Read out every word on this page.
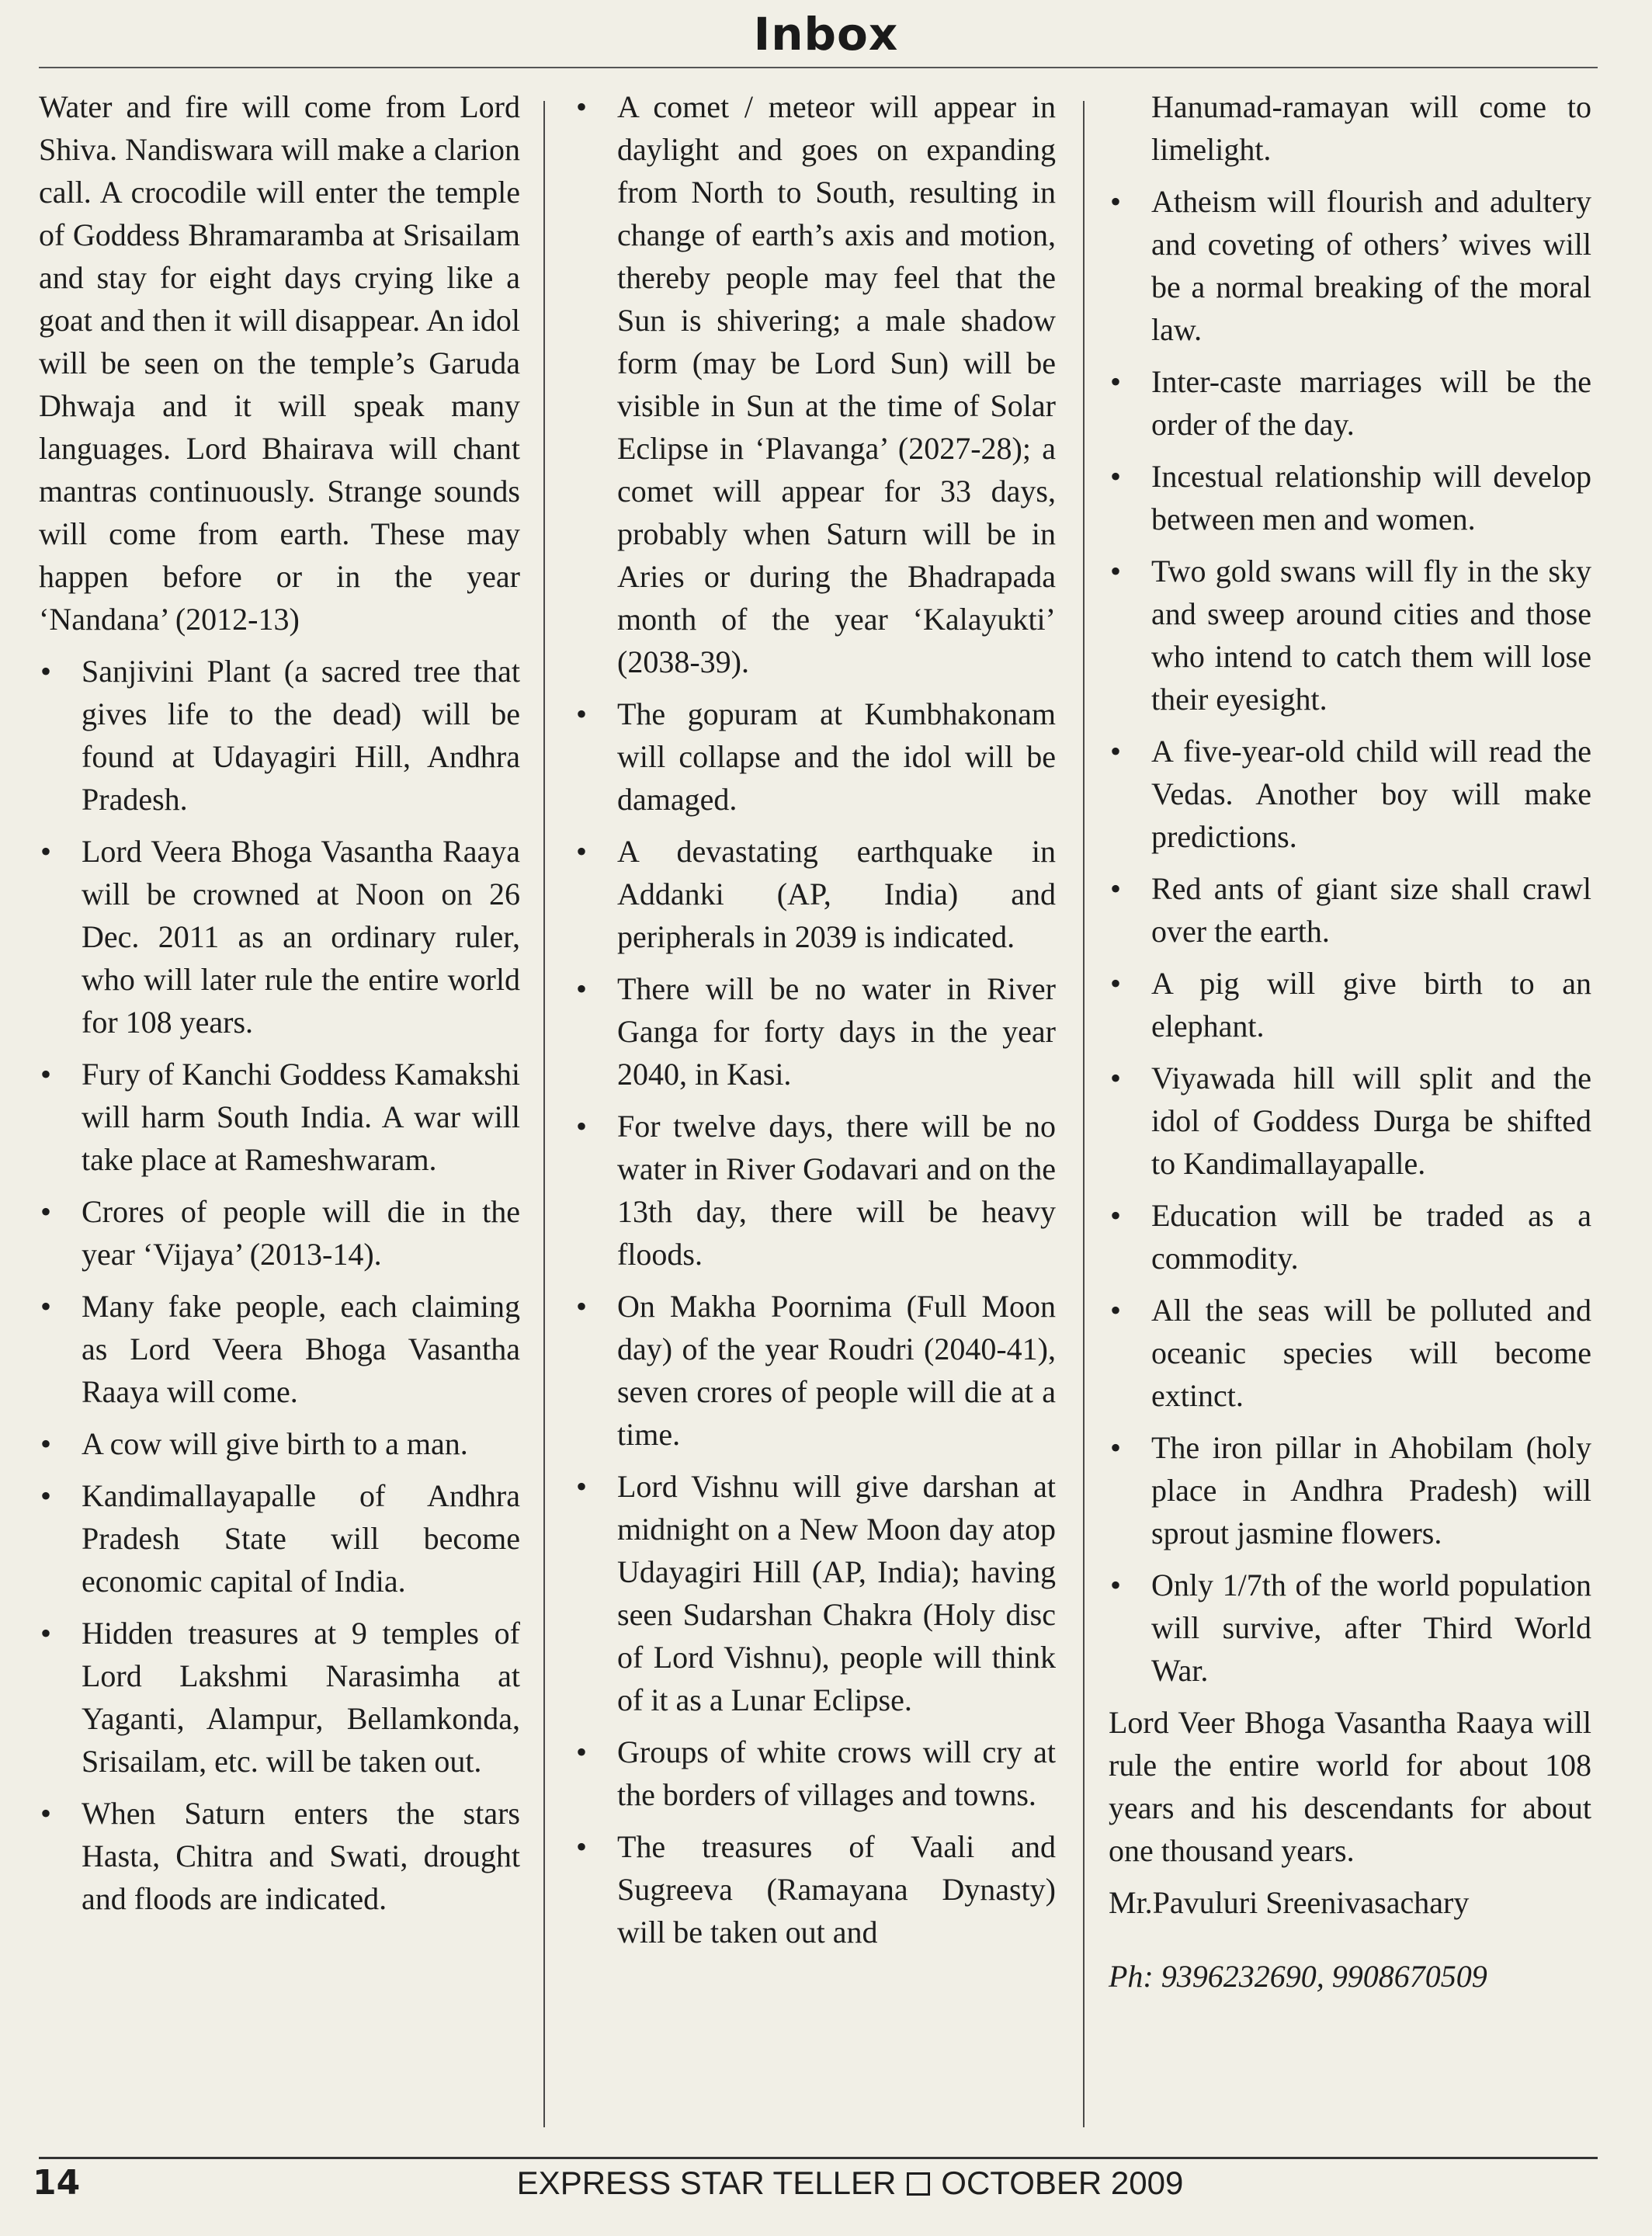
Inbox

Water and fire will come from Lord Shiva. Nandiswara will make a clarion call. A crocodile will enter the temple of Goddess Bhramaramba at Srisailam and stay for eight days crying like a goat and then it will disappear. An idol will be seen on the temple’s Garuda Dhwaja and it will speak many languages. Lord Bhairava will chant mantras continuously. Strange sounds will come from earth. These may happen before or in the year ‘Nandana’ (2012-13)

• Sanjivini Plant (a sacred tree that gives life to the dead) will be found at Udayagiri Hill, Andhra Pradesh.
• Lord Veera Bhoga Vasantha Raaya will be crowned at Noon on 26 Dec. 2011 as an ordinary ruler, who will later rule the entire world for 108 years.
• Fury of Kanchi Goddess Kamakshi will harm South India. A war will take place at Rameshwaram.
• Crores of people will die in the year ‘Vijaya’ (2013-14).
• Many fake people, each claiming as Lord Veera Bhoga Vasantha Raaya will come.
• A cow will give birth to a man.
• Kandimallayapalle of Andhra Pradesh State will become economic capital of India.
• Hidden treasures at 9 temples of Lord Lakshmi Narasimha at Yaganti, Alampur, Bellamkonda, Srisailam, etc. will be taken out.
• When Saturn enters the stars Hasta, Chitra and Swati, drought and floods are indicated.
• A comet / meteor will appear in daylight and goes on expanding from North to South, resulting in change of earth’s axis and motion, thereby people may feel that the Sun is shivering; a male shadow form (may be Lord Sun) will be visible in Sun at the time of Solar Eclipse in ‘Plavanga’ (2027-28); a comet will appear for 33 days, probably when Saturn will be in Aries or during the Bhadrapada month of the year ‘Kalayukti’ (2038-39).
• The gopuram at Kumbhakonam will collapse and the idol will be damaged.
• A devastating earthquake in Addanki (AP, India) and peripherals in 2039 is indicated.
• There will be no water in River Ganga for forty days in the year 2040, in Kasi.
• For twelve days, there will be no water in River Godavari and on the 13th day, there will be heavy floods.
• On Makha Poornima (Full Moon day) of the year Roudri (2040-41), seven crores of people will die at a time.
• Lord Vishnu will give darshan at midnight on a New Moon day atop Udayagiri Hill (AP, India); having seen Sudarshan Chakra (Holy disc of Lord Vishnu), people will think of it as a Lunar Eclipse.
• Groups of white crows will cry at the borders of villages and towns.
• The treasures of Vaali and Sugreeva (Ramayana Dynasty) will be taken out and

Hanumad-ramayan will come to limelight.

• Atheism will flourish and adultery and coveting of others’ wives will be a normal breaking of the moral law.
• Inter-caste marriages will be the order of the day.
• Incestual relationship will develop between men and women.
• Two gold swans will fly in the sky and sweep around cities and those who intend to catch them will lose their eyesight.
• A five-year-old child will read the Vedas. Another boy will make predictions.
• Red ants of giant size shall crawl over the earth.
• A pig will give birth to an elephant.
• Viyawada hill will split and the idol of Goddess Durga be shifted to Kandimallayapalle.
• Education will be traded as a commodity.
• All the seas will be polluted and oceanic species will become extinct.
• The iron pillar in Ahobilam (holy place in Andhra Pradesh) will sprout jasmine flowers.
• Only 1/7th of the world population will survive, after Third World War.

Lord Veer Bhoga Vasantha Raaya will rule the entire world for about 108 years and his descendants for about one thousand years.

Mr.Pavuluri Sreenivasachary

Ph: 9396232690, 9908670509

14	EXPRESS STAR TELLER OCTOBER 2009
